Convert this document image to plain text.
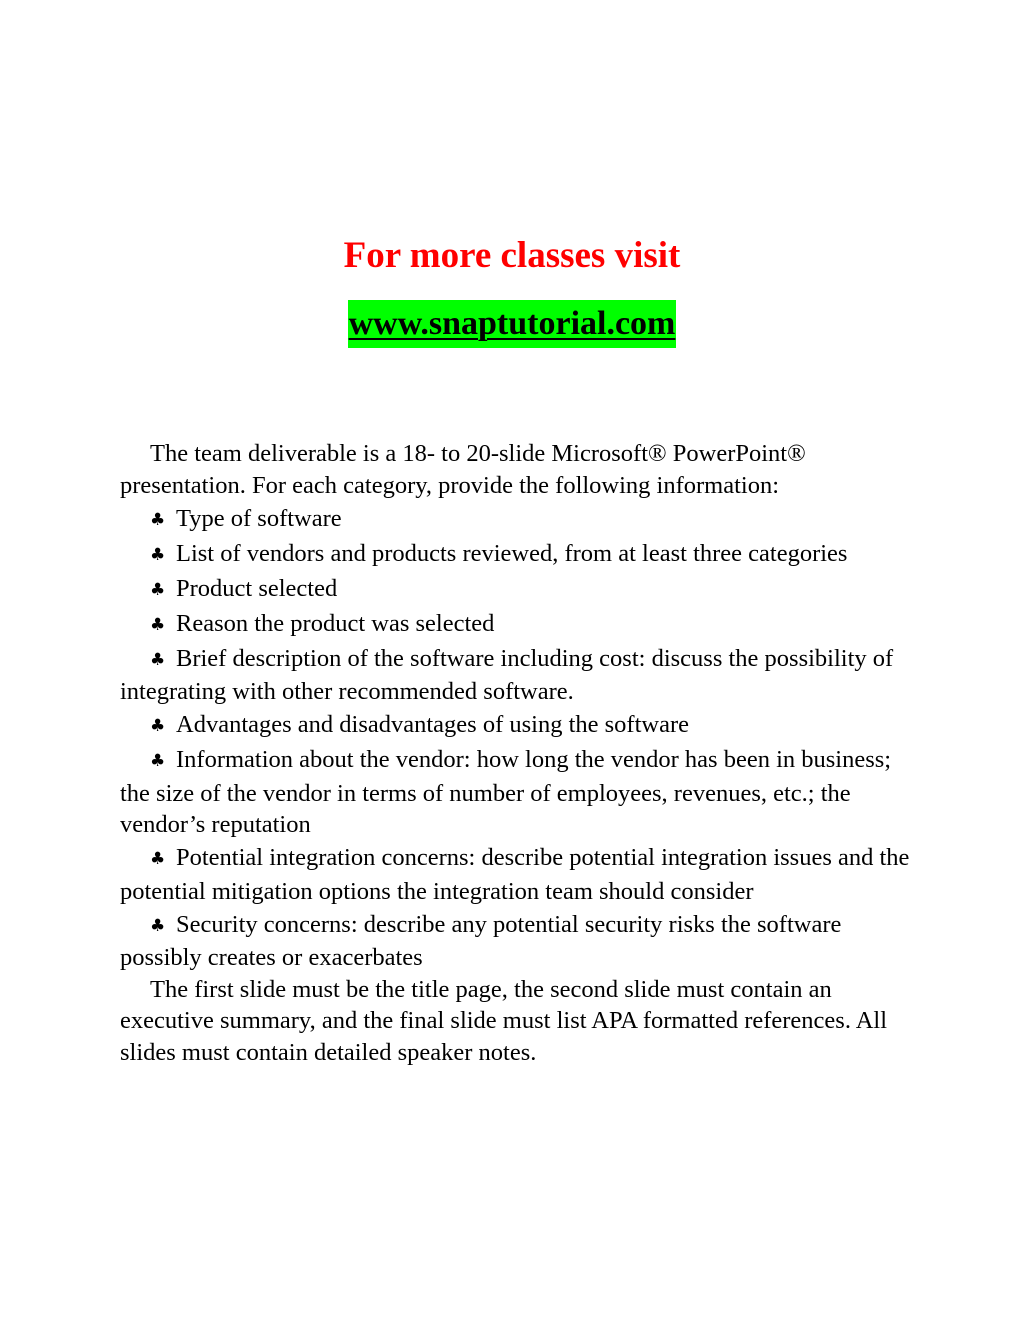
For more classes visit
www.snaptutorial.com

The team deliverable is a 18- to 20-slide Microsoft® PowerPoint® presentation. For each category, provide the following information:

♣ Type of software

♣ List of vendors and products reviewed, from at least three categories

♣ Product selected

♣ Reason the product was selected

♣ Brief description of the software including cost: discuss the possibility of integrating with other recommended software.

♣ Advantages and disadvantages of using the software

♣ Information about the vendor: how long the vendor has been in business; the size of the vendor in terms of number of employees, revenues, etc.; the vendor’s reputation

♣ Potential integration concerns: describe potential integration issues and the potential mitigation options the integration team should consider

♣ Security concerns: describe any potential security risks the software possibly creates or exacerbates

The first slide must be the title page, the second slide must contain an executive summary, and the final slide must list APA formatted references. All slides must contain detailed speaker notes.
